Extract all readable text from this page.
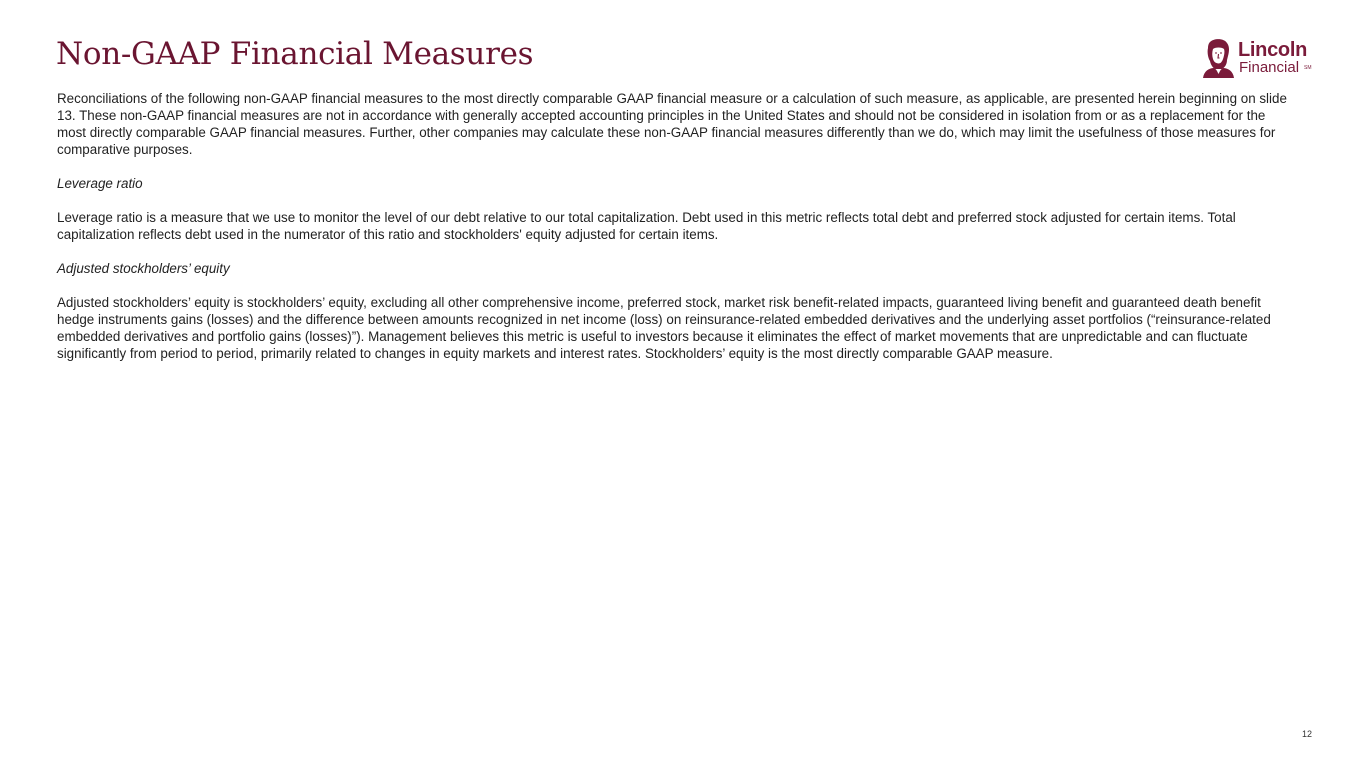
Non-GAAP Financial Measures	Lincoln
Financial SM

Reconciliations of the following non-GAAP financial measures to the most directly comparable GAAP financial measure or a calculation of such measure, as applicable, are presented herein beginning on slide 13. These non-GAAP financial measures are not in accordance with generally accepted accounting principles in the United States and should not be considered in isolation from or as a replacement for the most directly comparable GAAP financial measures. Further, other companies may calculate these non-GAAP financial measures differently than we do, which may limit the usefulness of those measures for comparative purposes.

Leverage ratio

Leverage ratio is a measure that we use to monitor the level of our debt relative to our total capitalization. Debt used in this metric reflects total debt and preferred stock adjusted for certain items. Total capitalization reflects debt used in the numerator of this ratio and stockholders' equity adjusted for certain items.

Adjusted stockholders’ equity

Adjusted stockholders’ equity is stockholders’ equity, excluding all other comprehensive income, preferred stock, market risk benefit-related impacts, guaranteed living benefit and guaranteed death benefit hedge instruments gains (losses) and the difference between amounts recognized in net income (loss) on reinsurance-related embedded derivatives and the underlying asset portfolios (“reinsurance-related embedded derivatives and portfolio gains (losses)”). Management believes this metric is useful to investors because it eliminates the effect of market movements that are unpredictable and can fluctuate significantly from period to period, primarily related to changes in equity markets and interest rates. Stockholders’ equity is the most directly comparable GAAP measure.

12
